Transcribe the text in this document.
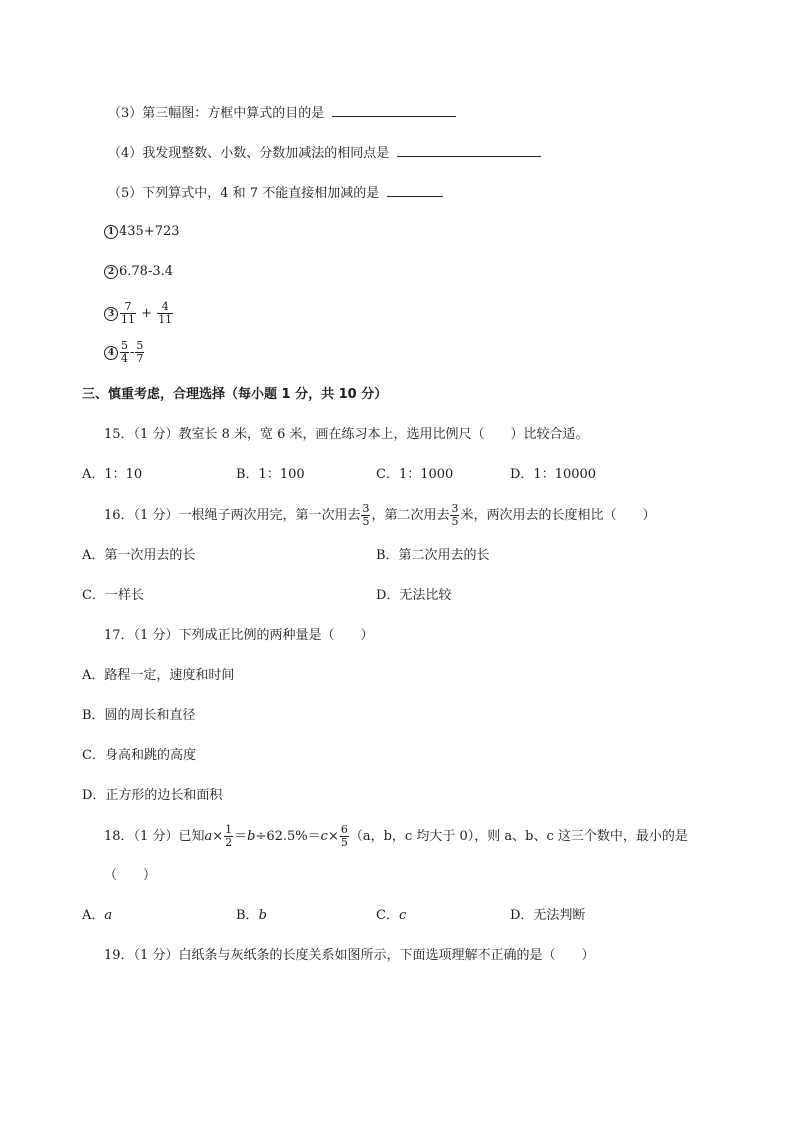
（3）第三幅图：方框中算式的目的是
（4）我发现整数、小数、分数加减法的相同点是
（5）下列算式中，4 和 7 不能直接相加减的是
1 435+723
2 6.78-3.4
$3 \frac{7}{11} + \frac{4}{11}$
$4 \frac{5}{4} - \frac{5}{7}$
三、慎重考虑，合理选择（每小题 1 分，共 10 分）
15．（1 分）教室长 8 米，宽 6 米，画在练习本上，选用比例尺（　　）比较合适。
A．1：10	B．1：100	C．1：1000	D．1：10000
16．（1 分）一根绳子两次用完，第一次用去 $\frac{3}{5}$ ，第二次用去 $\frac{3}{5}$ 米，两次用去的长度相比（　　）
A．第一次用去的长	B．第二次用去的长
C．一样长	D．无法比较
17．（1 分）下列成正比例的两种量是（　　）
A．路程一定，速度和时间
B．圆的周长和直径
C．身高和跳的高度
D．正方形的边长和面积
18．（1 分）已知$a\times \frac{1}{2} =b\div 62.5\%=c\times \frac{6}{5} (a$，b，c 均大于 0），则 a、b、c 这三个数中，最小的是
（　　）
A．a	B．b	C．c	D．无法判断
19．（1 分）白纸条与灰纸条的长度关系如图所示，下面选项理解不正确的是（　　）
